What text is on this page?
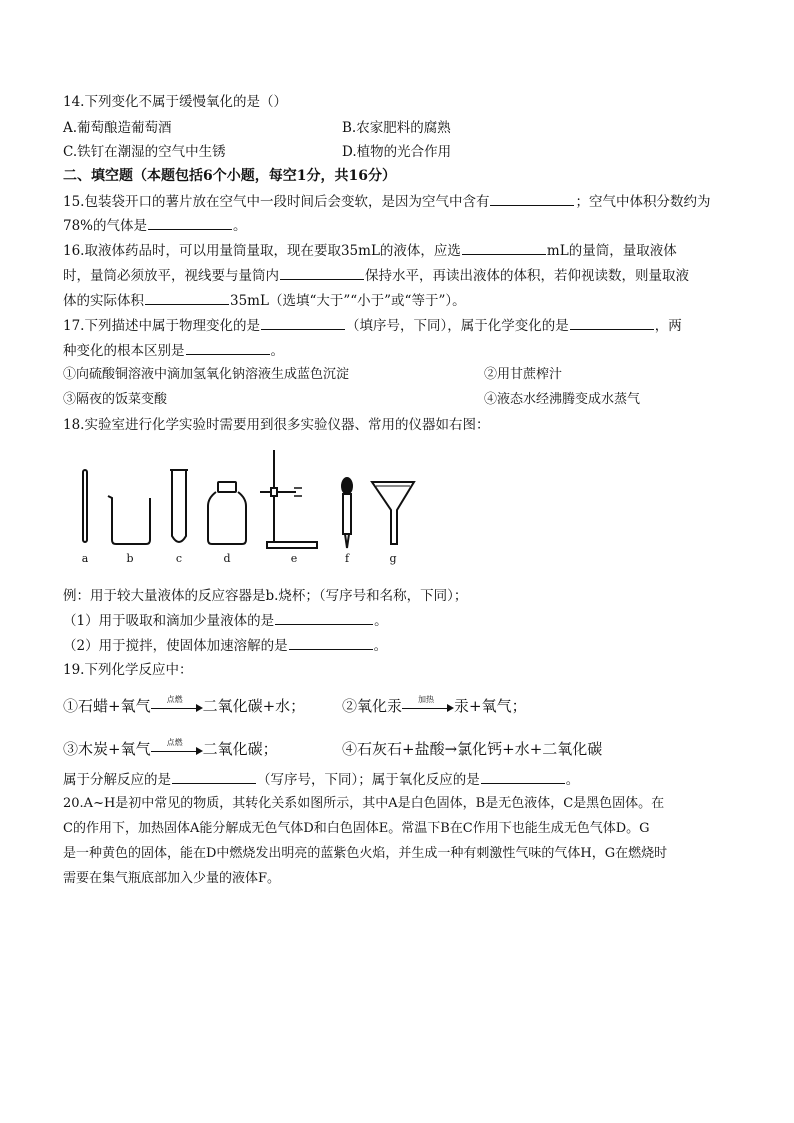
14.下列变化不属于缓慢氧化的是（）
A.葡萄酿造葡萄酒	B.农家肥料的腐熟
C.铁钉在潮湿的空气中生锈	D.植物的光合作用
二、填空题（本题包括6个小题，每空1分，共16分）
15.包装袋开口的薯片放在空气中一段时间后会变软，是因为空气中含有	；空气中体积分数约为
78%的气体是	。
16.取液体药品时，可以用量筒量取，现在要取35mL的液体，应选	mL的量筒，量取液体
时，量筒必须放平，视线要与量筒内	保持水平，再读出液体的体积，若仰视读数，则量取液
体的实际体积	35mL（选填“大于”“小于”或“等于”）。
17.下列描述中属于物理变化的是	（填序号，下同），属于化学变化的是	，两
种变化的根本区别是	。
①向硫酸铜溶液中滴加氢氧化钠溶液生成蓝色沉淀	②用甘蔗榨汁
③隔夜的饭菜变酸	④液态水经沸腾变成水蒸气
18.实验室进行化学实验时需要用到很多实验仪器、常用的仪器如右图：
a	b	c	d	e	f	g
例：用于较大量液体的反应容器是b.烧杯；（写序号和名称，下同）；
（1）用于吸取和滴加少量液体的是	。
（2）用于搅拌，使固体加速溶解的是	。
19.下列化学反应中：
①石蜡+氧气	点燃	二氧化碳+水； ②氧化汞	加热	汞+氧气；
③木炭+氧气	点燃	二氧化碳；	④石灰石+盐酸→氯化钙+水+二氧化碳
属于分解反应的是	（写序号，下同）；属于氧化反应的是	。
20.A~H是初中常见的物质，其转化关系如图所示，其中A是白色固体，B是无色液体，C是黑色固体。在
C的作用下，加热固体A能分解成无色气体D和白色固体E。常温下B在C作用下也能生成无色气体D。G
是一种黄色的固体，能在D中燃烧发出明亮的蓝紫色火焰，并生成一种有刺激性气味的气体H，G在燃烧时
需要在集气瓶底部加入少量的液体F。
